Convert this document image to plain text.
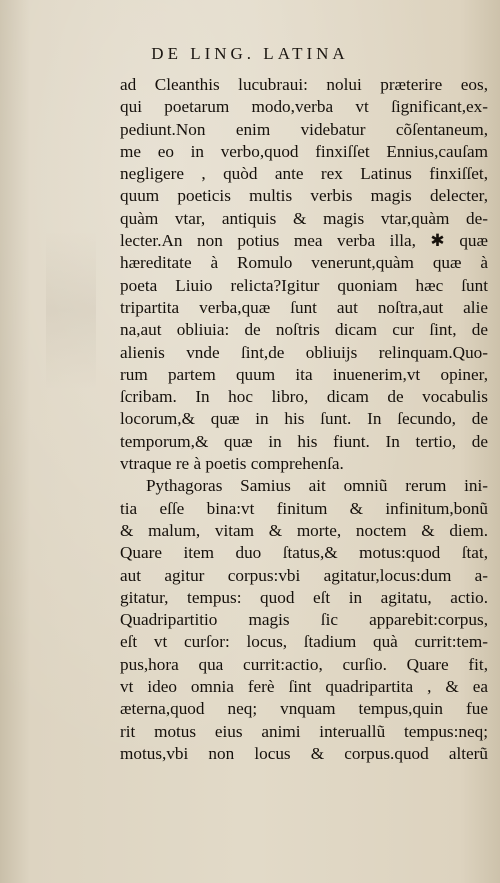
DE LING. LATINA
ad Cleanthis lucubraui: nolui præterire eos,
qui poetarum modo,verba vt ſignificant,ex-
pediunt.Non enim videbatur cõſentaneum,
me eo in verbo,quod finxiſſet Ennius,cauſam
negligere , quòd ante rex Latinus finxiſſet,
quum poeticis multis verbis magis delecter,
quàm vtar, antiquis & magis vtar,quàm de-
lecter.An non potius mea verba illa, ✱ quæ
hæreditate à Romulo venerunt,quàm quæ à
poeta Liuio relicta?Igitur quoniam hæc ſunt
tripartita verba,quæ ſunt aut noſtra,aut alie
na,aut obliuia: de noſtris dicam cur ſint, de
alienis vnde ſint,de obliuijs relinquam.Quo-
rum partem quum ita inuenerim,vt opiner,
ſcribam. In hoc libro, dicam de vocabulis
locorum,& quæ in his ſunt. In ſecundo, de
temporum,& quæ in his fiunt. In tertio, de
vtraque re à poetis comprehenſa.
Pythagoras Samius ait omniũ rerum ini-
tia eſſe bina:vt finitum & infinitum,bonũ
& malum, vitam & morte, noctem & diem.
Quare item duo ſtatus,& motus:quod ſtat,
aut agitur corpus:vbi agitatur,locus:dum a-
gitatur, tempus: quod eſt in agitatu, actio.
Quadripartitio magis ſic apparebit:corpus,
eſt vt curſor: locus, ſtadium quà currit:tem-
pus,hora qua currit:actio, curſio. Quare fit,
vt ideo omnia ferè ſint quadripartita , & ea
æterna,quod neq; vnquam tempus,quin fue
rit motus eius animi interuallũ tempus:neq;
motus,vbi non locus & corpus.quod alterũ
